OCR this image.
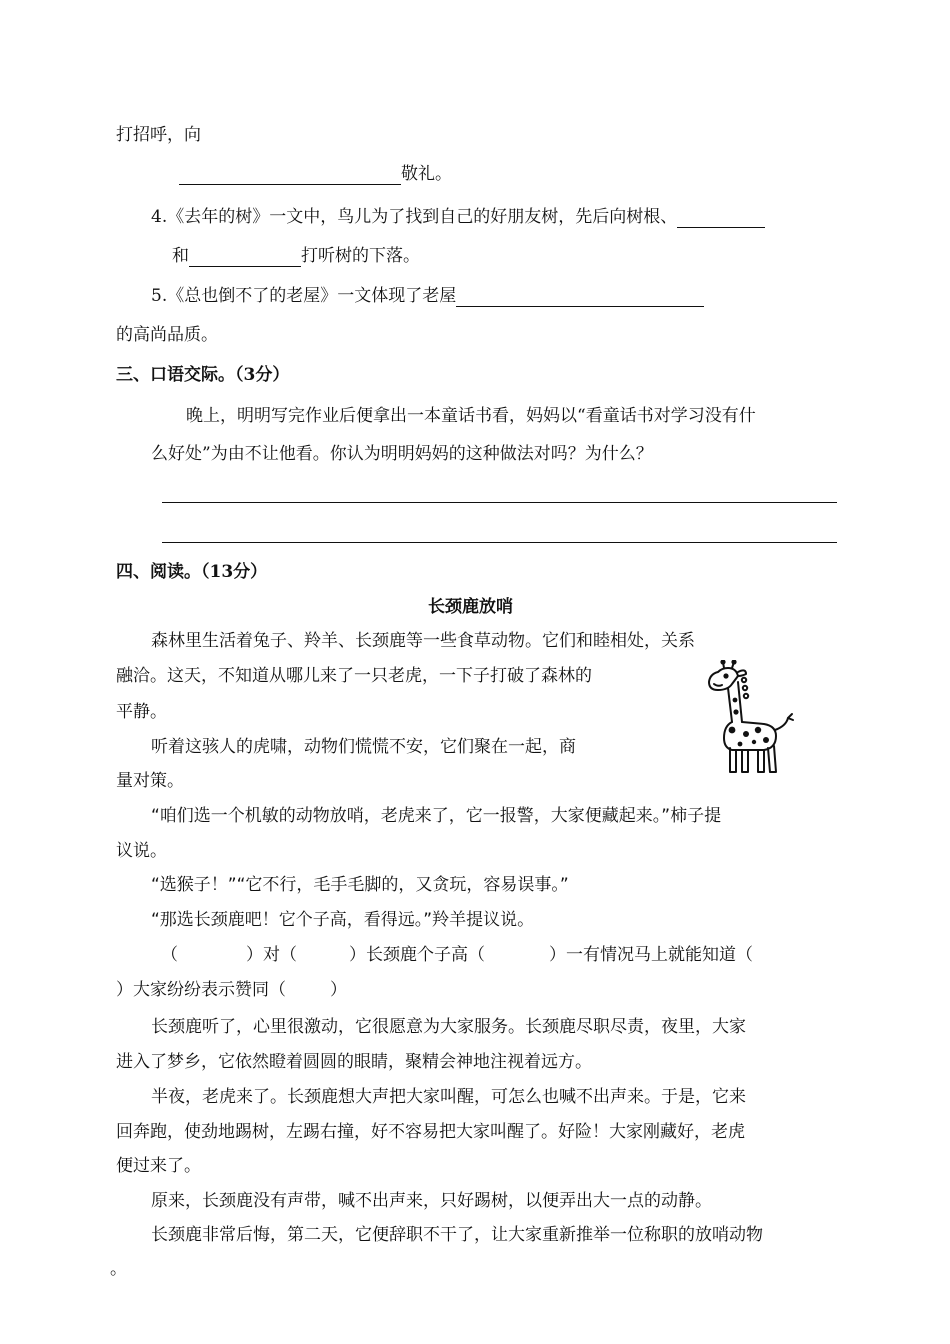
打招呼，向
敬礼。
4.《去年的树》一文中，鸟儿为了找到自己的好朋友树，先后向树根、
和	打听树的下落。
5.《总也倒不了的老屋》一文体现了老屋
的高尚品质。
三、口语交际。（3分）
晚上，明明写完作业后便拿出一本童话书看，妈妈以“看童话书对学习没有什
么好处”为由不让他看。你认为明明妈妈的这种做法对吗？为什么？
四、阅读。（13分）
长颈鹿放哨
森林里生活着兔子、羚羊、长颈鹿等一些食草动物。它们和睦相处，关系
融洽。这天，不知道从哪儿来了一只老虎，一下子打破了森林的
平静。
听着这骇人的虎啸，动物们慌慌不安，它们聚在一起，商
量对策。
“咱们选一个机敏的动物放哨，老虎来了，它一报警，大家便藏起来。”柿子提
议说。
“选猴子！”“它不行，毛手毛脚的，又贪玩，容易误事。”
“那选长颈鹿吧！它个子高，看得远。”羚羊提议说。
（	）对（	）长颈鹿个子高（	）一有情况马上就能知道（
）大家纷纷表示赞同（	）
长颈鹿听了，心里很激动，它很愿意为大家服务。长颈鹿尽职尽责，夜里，大家
进入了梦乡，它依然瞪着圆圆的眼睛，聚精会神地注视着远方。
半夜，老虎来了。长颈鹿想大声把大家叫醒，可怎么也喊不出声来。于是，它来
回奔跑，使劲地踢树，左踢右撞，好不容易把大家叫醒了。好险！大家刚藏好，老虎
便过来了。
原来，长颈鹿没有声带，喊不出声来，只好踢树，以便弄出大一点的动静。
长颈鹿非常后悔，第二天，它便辞职不干了，让大家重新推举一位称职的放哨动物
。
